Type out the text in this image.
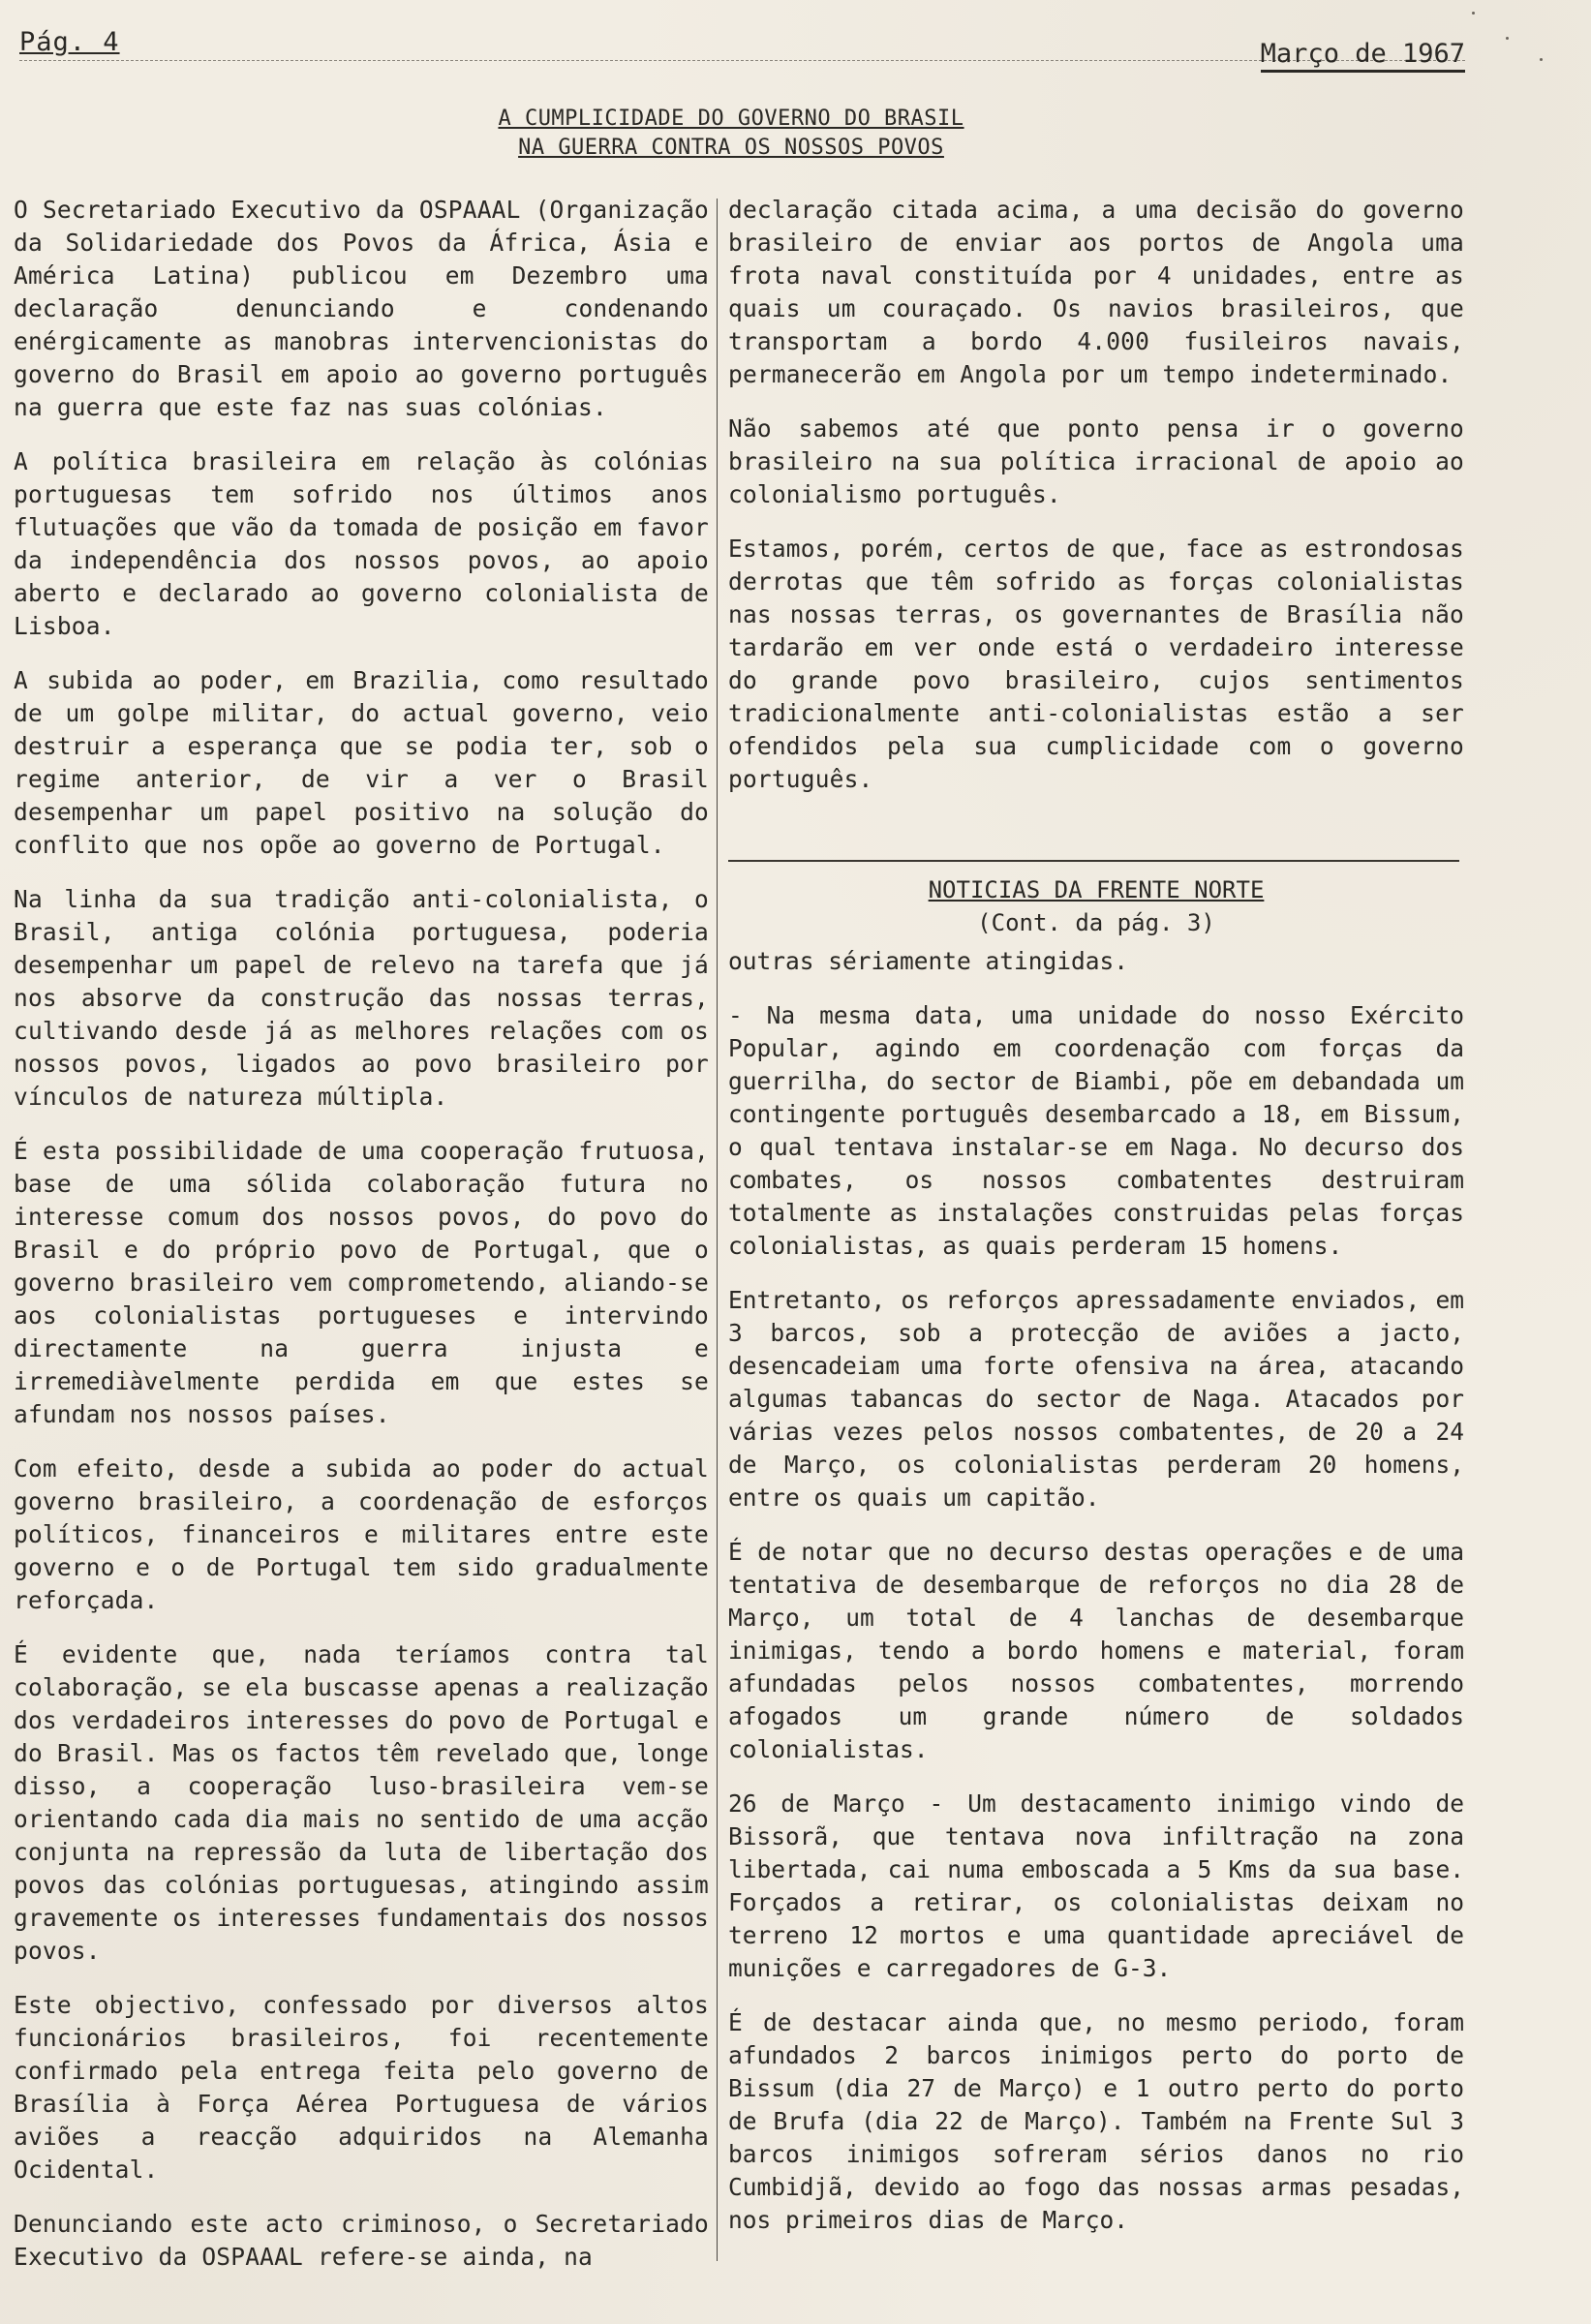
Pág. 4	Março de 1967
A CUMPLICIDADE DO GOVERNO DO BRASIL
NA GUERRA CONTRA OS NOSSOS POVOS

O Secretariado Executivo da OSPAAAL (Organização da Solidariedade dos Povos da África, Ásia e América Latina) publicou em Dezembro uma declaração denunciando e condenando enérgicamente as manobras intervencionistas do governo do Brasil em apoio ao governo português na guerra que este faz nas suas colónias.

A política brasileira em relação às colónias portuguesas tem sofrido nos últimos anos flutuações que vão da tomada de posição em favor da independência dos nossos povos, ao apoio aberto e declarado ao governo colonialista de Lisboa.

A subida ao poder, em Brazilia, como resultado de um golpe militar, do actual governo, veio destruir a esperança que se podia ter, sob o regime anterior, de vir a ver o Brasil desempenhar um papel positivo na solução do conflito que nos opõe ao governo de Portugal.

Na linha da sua tradição anti-colonialista, o Brasil, antiga colónia portuguesa, poderia desempenhar um papel de relevo na tarefa que já nos absorve da construção das nossas terras, cultivando desde já as melhores relações com os nossos povos, ligados ao povo brasileiro por vínculos de natureza múltipla.

É esta possibilidade de uma cooperação frutuosa, base de uma sólida colaboração futura no interesse comum dos nossos povos, do povo do Brasil e do próprio povo de Portugal, que o governo brasileiro vem comprometendo, aliando-se aos colonialistas portugueses e intervindo directamente na guerra injusta e irremediàvelmente perdida em que estes se afundam nos nossos países.

Com efeito, desde a subida ao poder do actual governo brasileiro, a coordenação de esforços políticos, financeiros e militares entre este governo e o de Portugal tem sido gradualmente reforçada.

É evidente que, nada teríamos contra tal colaboração, se ela buscasse apenas a realização dos verdadeiros interesses do povo de Portugal e do Brasil. Mas os factos têm revelado que, longe disso, a cooperação luso-brasileira vem-se orientando cada dia mais no sentido de uma acção conjunta na repressão da luta de libertação dos povos das colónias portuguesas, atingindo assim gravemente os interesses fundamentais dos nossos povos.

Este objectivo, confessado por diversos altos funcionários brasileiros, foi recentemente confirmado pela entrega feita pelo governo de Brasília à Força Aérea Portuguesa de vários aviões a reacção adquiridos na Alemanha Ocidental.

Denunciando este acto criminoso, o Secretariado Executivo da OSPAAAL refere-se ainda, na

declaração citada acima, a uma decisão do governo brasileiro de enviar aos portos de Angola uma frota naval constituída por 4 unidades, entre as quais um couraçado. Os navios brasileiros, que transportam a bordo 4.000 fusileiros navais, permanecerão em Angola por um tempo indeterminado.

Não sabemos até que ponto pensa ir o governo brasileiro na sua política irracional de apoio ao colonialismo português.

Estamos, porém, certos de que, face as estrondosas derrotas que têm sofrido as forças colonialistas nas nossas terras, os governantes de Brasília não tardarão em ver onde está o verdadeiro interesse do grande povo brasileiro, cujos sentimentos tradicionalmente anti-colonialistas estão a ser ofendidos pela sua cumplicidade com o governo português.

NOTICIAS DA FRENTE NORTE
(Cont. da pág. 3)

outras sériamente atingidas.

- Na mesma data, uma unidade do nosso Exército Popular, agindo em coordenação com forças da guerrilha, do sector de Biambi, põe em debandada um contingente português desembarcado a 18, em Bissum, o qual tentava instalar-se em Naga. No decurso dos combates, os nossos combatentes destruiram totalmente as instalações construidas pelas forças colonialistas, as quais perderam 15 homens.

Entretanto, os reforços apressadamente enviados, em 3 barcos, sob a protecção de aviões a jacto, desencadeiam uma forte ofensiva na área, atacando algumas tabancas do sector de Naga. Atacados por várias vezes pelos nossos combatentes, de 20 a 24 de Março, os colonialistas perderam 20 homens, entre os quais um capitão.

É de notar que no decurso destas operações e de uma tentativa de desembarque de reforços no dia 28 de Março, um total de 4 lanchas de desembarque inimigas, tendo a bordo homens e material, foram afundadas pelos nossos combatentes, morrendo afogados um grande número de soldados colonialistas.

26 de Março - Um destacamento inimigo vindo de Bissorã, que tentava nova infiltração na zona libertada, cai numa emboscada a 5 Kms da sua base. Forçados a retirar, os colonialistas deixam no terreno 12 mortos e uma quantidade apreciável de munições e carregadores de G-3.

É de destacar ainda que, no mesmo periodo, foram afundados 2 barcos inimigos perto do porto de Bissum (dia 27 de Março) e 1 outro perto do porto de Brufa (dia 22 de Março). Também na Frente Sul 3 barcos inimigos sofreram sérios danos no rio Cumbidjã, devido ao fogo das nossas armas pesadas, nos primeiros dias de Março.
